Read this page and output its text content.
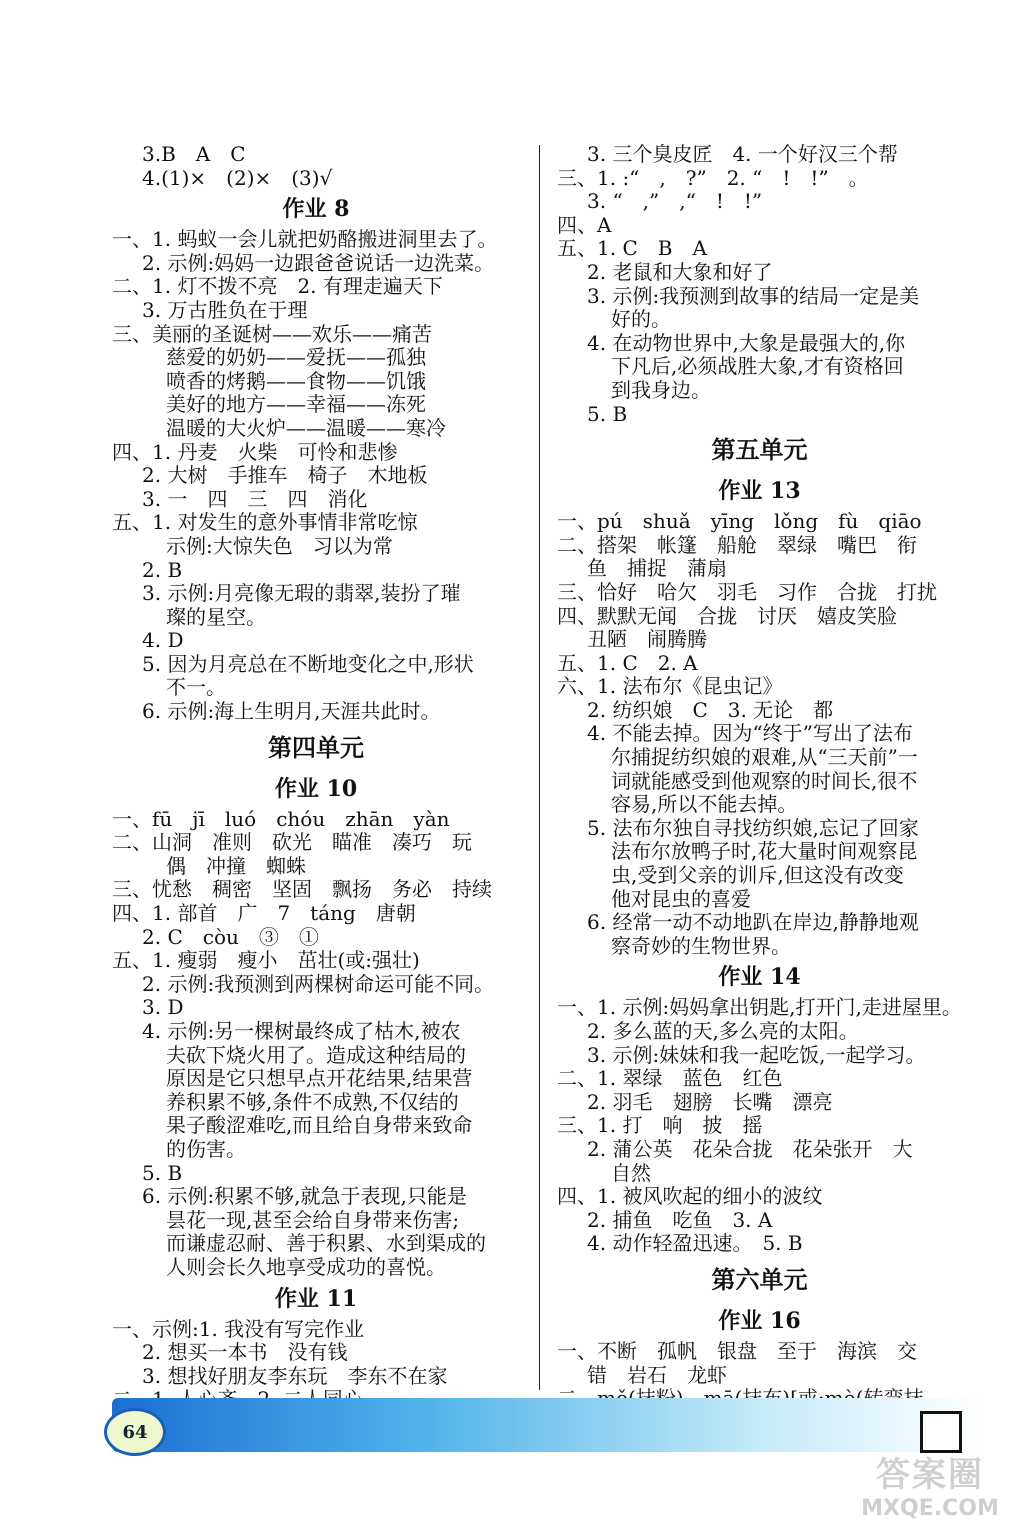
3.B　A　C
4.(1)×　(2)×　(3)√
作业 8
一、1. 蚂蚁一会儿就把奶酪搬进洞里去了。
2. 示例:妈妈一边跟爸爸说话一边洗菜。
二、1. 灯不拨不亮　2. 有理走遍天下
3. 万古胜负在于理
三、美丽的圣诞树——欢乐——痛苦
慈爱的奶奶——爱抚——孤独
喷香的烤鹅——食物——饥饿
美好的地方——幸福——冻死
温暖的大火炉——温暖——寒冷
四、1. 丹麦　火柴　可怜和悲惨
2. 大树　手推车　椅子　木地板
3. 一　四　三　四　消化
五、1. 对发生的意外事情非常吃惊
示例:大惊失色　习以为常
2. B
3. 示例:月亮像无瑕的翡翠,装扮了璀
璨的星空。
4. D
5. 因为月亮总在不断地变化之中,形状
不一。
6. 示例:海上生明月,天涯共此时。
第四单元
作业 10
一、fū　jī　luó　chóu　zhān　yàn
二、山洞　准则　砍光　瞄准　凑巧　玩
偶　冲撞　蜘蛛
三、忧愁　稠密　坚固　飘扬　务必　持续
四、1. 部首　广　7　táng　唐朝
2. C　còu　③　①
五、1. 瘦弱　瘦小　茁壮(或:强壮)
2. 示例:我预测到两棵树命运可能不同。
3. D
4. 示例:另一棵树最终成了枯木,被农
夫砍下烧火用了。造成这种结局的
原因是它只想早点开花结果,结果营
养积累不够,条件不成熟,不仅结的
果子酸涩难吃,而且给自身带来致命
的伤害。
5. B
6. 示例:积累不够,就急于表现,只能是
昙花一现,甚至会给自身带来伤害;
而谦虚忍耐、善于积累、水到渠成的
人则会长久地享受成功的喜悦。
作业 11
一、示例:1. 我没有写完作业
2. 想买一本书　没有钱
3. 想找好朋友李东玩　李东不在家
3. 三个臭皮匠　4. 一个好汉三个帮
三、1. :“　,　?”　2. “　!　!”　。
3. “　,”　,“　!　!”
四、A
五、1. C　B　A
2. 老鼠和大象和好了
3. 示例:我预测到故事的结局一定是美
好的。
4. 在动物世界中,大象是最强大的,你
下凡后,必须战胜大象,才有资格回
到我身边。
5. B
第五单元
作业 13
一、pú　shuǎ　yīng　lǒng　fù　qiāo
二、搭架　帐篷　船舱　翠绿　嘴巴　衔
鱼　捕捉　蒲扇
三、恰好　哈欠　羽毛　习作　合拢　打扰
四、默默无闻　合拢　讨厌　嬉皮笑脸
丑陋　闹腾腾
五、1. C　2. A
六、1. 法布尔《昆虫记》
2. 纺织娘　C　3. 无论　都
4. 不能去掉。因为“终于”写出了法布
尔捕捉纺织娘的艰难,从“三天前”一
词就能感受到他观察的时间长,很不
容易,所以不能去掉。
5. 法布尔独自寻找纺织娘,忘记了回家
法布尔放鸭子时,花大量时间观察昆
虫,受到父亲的训斥,但这没有改变
他对昆虫的喜爱
6. 经常一动不动地趴在岸边,静静地观
察奇妙的生物世界。
作业 14
一、1. 示例:妈妈拿出钥匙,打开门,走进屋里。
2. 多么蓝的天,多么亮的太阳。
3. 示例:妹妹和我一起吃饭,一起学习。
二、1. 翠绿　蓝色　红色
2. 羽毛　翅膀　长嘴　漂亮
三、1. 打　响　披　摇
2. 蒲公英　花朵合拢　花朵张开　大
自然
四、1. 被风吹起的细小的波纹
2. 捕鱼　吃鱼　3. A
4. 动作轻盈迅速。　5. B
第六单元
作业 16
一、不断　孤帆　银盘　至于　海滨　交
错　岩石　龙虾
64
答案圈
MXQE.COM
